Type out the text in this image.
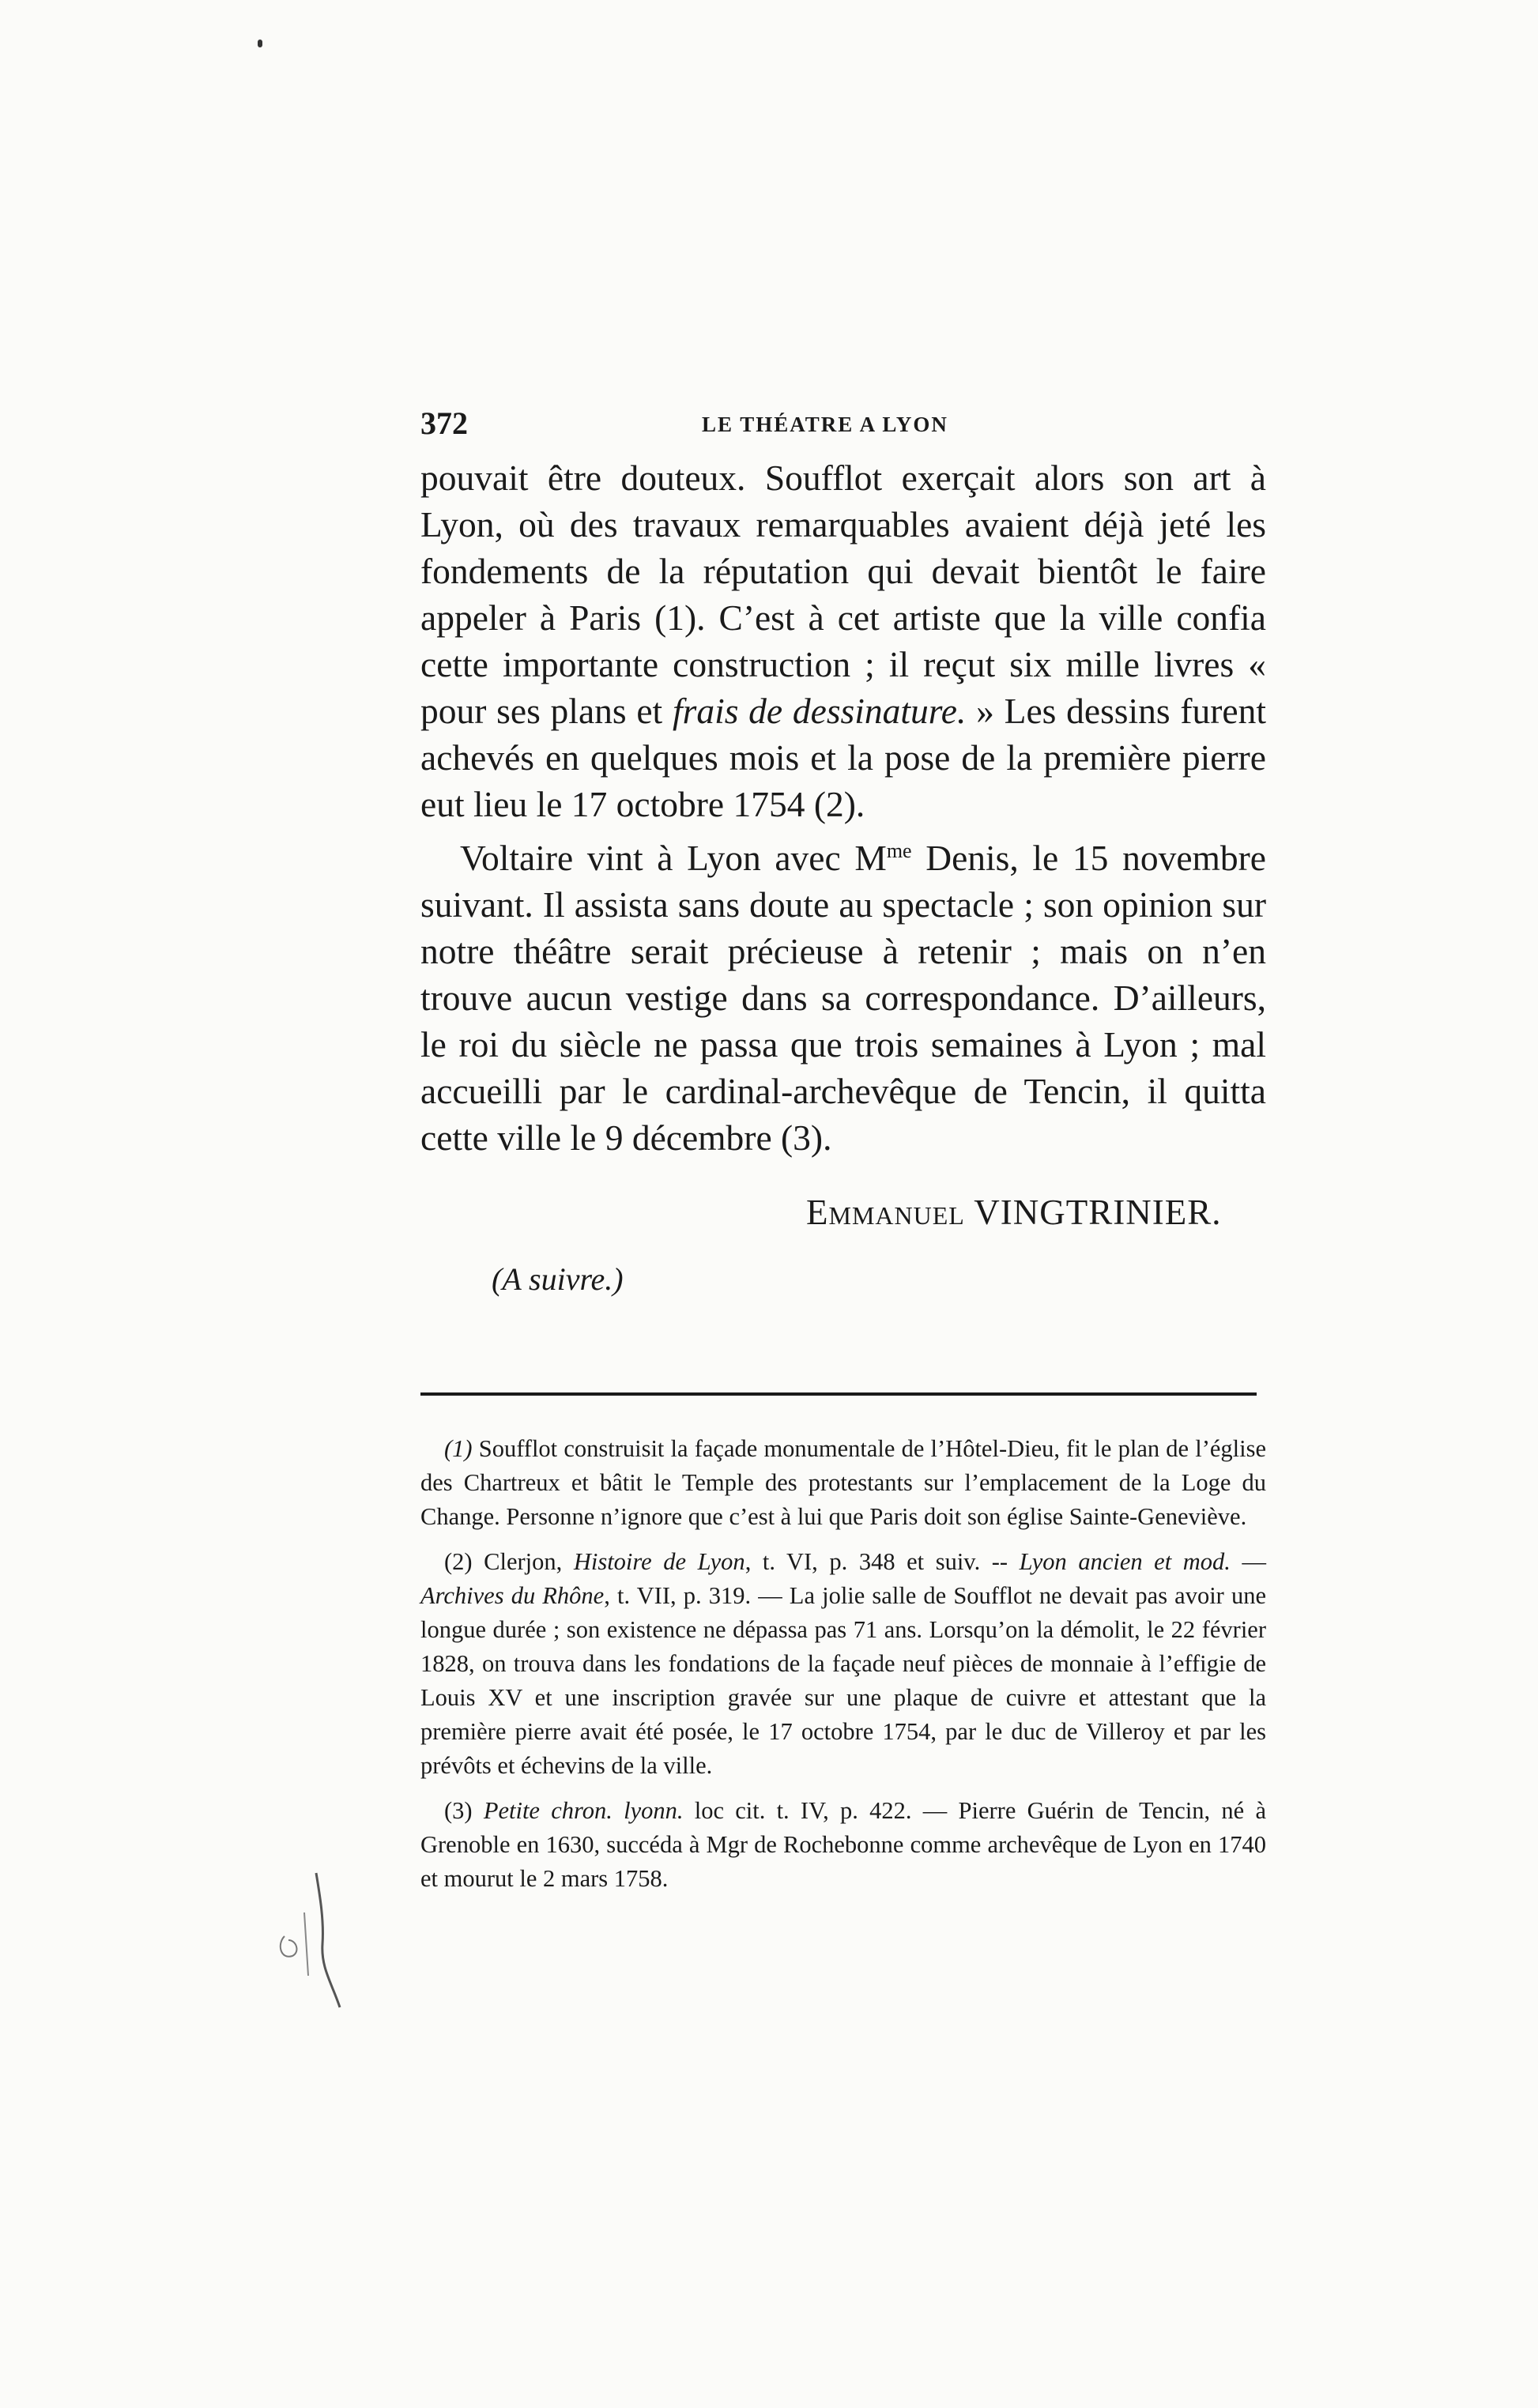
372	LE THÉATRE A LYON

pouvait être douteux. Soufflot exerçait alors son art à Lyon, où des travaux remarquables avaient déjà jeté les fondements de la réputation qui devait bientôt le faire appeler à Paris (1). C’est à cet artiste que la ville confia cette importante construction ; il reçut six mille livres « pour ses plans et frais de dessinature. » Les dessins furent achevés en quelques mois et la pose de la première pierre eut lieu le 17 octobre 1754 (2).

Voltaire vint à Lyon avec $M^{me}$ Denis, le 15 novembre suivant. Il assista sans doute au spectacle ; son opinion sur notre théâtre serait précieuse à retenir ; mais on n’en trouve aucun vestige dans sa correspondance. D’ailleurs, le roi du siècle ne passa que trois semaines à Lyon ; mal accueilli par le cardinal-archevêque de Tencin, il quitta cette ville le 9 décembre (3).

Emmanuel VINGTRINIER.
(A suivre.)

(1) Soufflot construisit la façade monumentale de l’Hôtel-Dieu, fit le plan de l’église des Chartreux et bâtit le Temple des protestants sur l’emplacement de la Loge du Change. Personne n’ignore que c’est à lui que Paris doit son église Sainte-Geneviève.

(2) Clerjon, Histoire de Lyon, t. VI, p. 348 et suiv. -- Lyon ancien et mod. — Archives du Rhône, t. VII, p. 319. — La jolie salle de Soufflot ne devait pas avoir une longue durée ; son existence ne dépassa pas 71 ans. Lorsqu’on la démolit, le 22 février 1828, on trouva dans les fondations de la façade neuf pièces de monnaie à l’effigie de Louis XV et une inscription gravée sur une plaque de cuivre et attestant que la première pierre avait été posée, le 17 octobre 1754, par le duc de Villeroy et par les prévôts et échevins de la ville.

(3) Petite chron. lyonn. loc cit. t. IV, p. 422. — Pierre Guérin de Tencin, né à Grenoble en 1630, succéda à Mgr de Rochebonne comme archevêque de Lyon en 1740 et mourut le 2 mars 1758.
